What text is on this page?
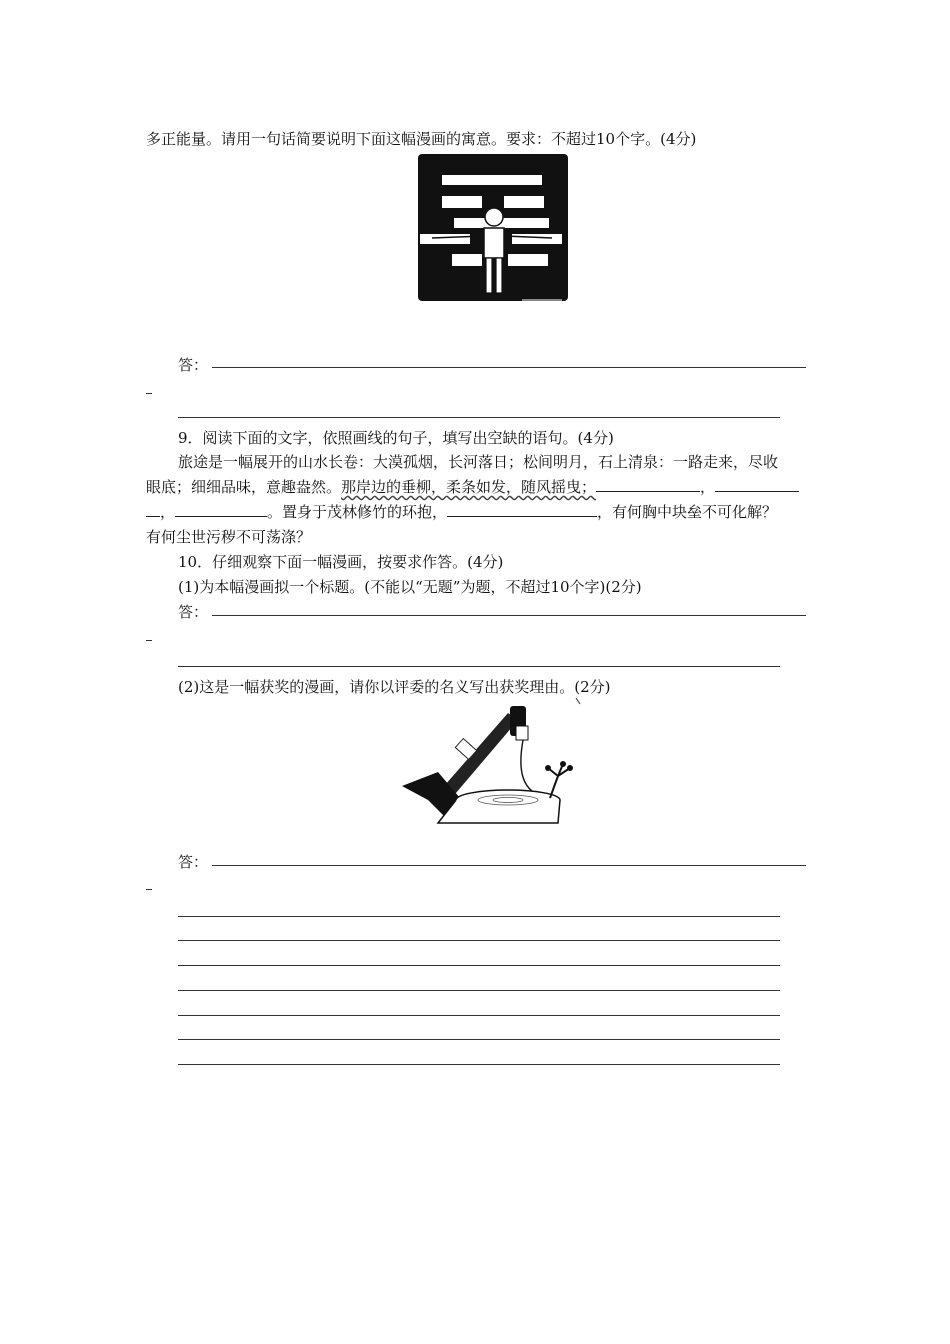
多正能量。请用一句话简要说明下面这幅漫画的寓意。要求：不超过10个字。(4分)
答：
9．阅读下面的文字，依照画线的句子，填写出空缺的语句。(4分)
旅途是一幅展开的山水长卷：大漠孤烟，长河落日；松间明月，石上清泉：一路走来，尽收
眼底；细细品味，意趣盎然。那岸边的垂柳，柔条如发，随风摇曳；	，
，	。置身于茂林修竹的环抱，	，有何胸中块垒不可化解？
有何尘世污秽不可荡涤？
10．仔细观察下面一幅漫画，按要求作答。(4分)
(1)为本幅漫画拟一个标题。(不能以“无题”为题，不超过10个字)(2分)
答：
(2)这是一幅获奖的漫画，请你以评委的名义写出获奖理由。(2分)
答：
